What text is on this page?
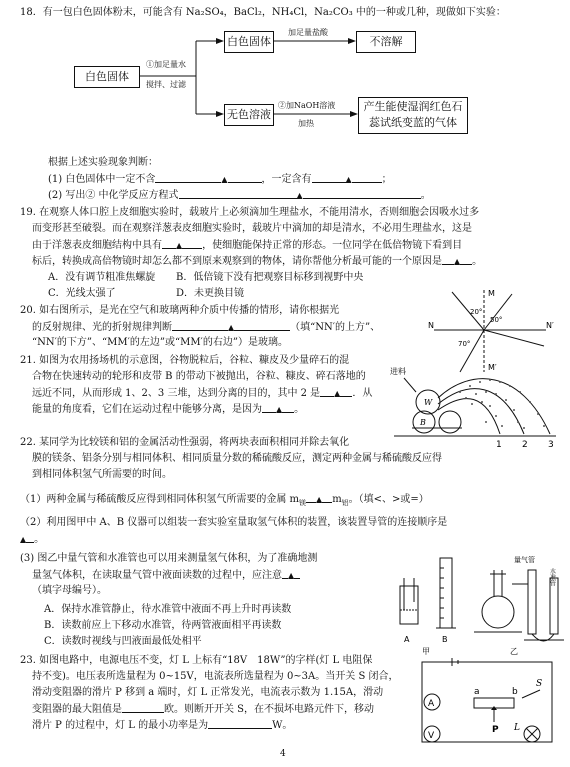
18．有一包白色固体粉末，可能含有 Na₂SO₄，BaCl₂，NH₄Cl，Na₂CO₃ 中的一种或几种，现做如下实验：
白色固体
①加足量水
搅拌、过滤
白色固体
加足量盐酸
不溶解
无色溶液
②加NaOH溶液
加热
产生能使湿润红色石
蕊试纸变蓝的气体
根据上述实验现象判断：
(1) 白色固体中一定不含	▲	，一定含有	▲	；
(2) 写出② 中化学反应方程式	▲	。
19. 在观察人体口腔上皮细胞实验时，载玻片上必须滴加生理盐水，不能用清水，否则细胞会因吸水过多
而变形甚至破裂。而在观察洋葱表皮细胞实验时，载玻片中滴加的却是清水，不必用生理盐水，这是
由于洋葱表皮细胞结构中具有 ▲ ，使细胞能保持正常的形态。一位同学在低倍物镜下看到目
标后，转换成高倍物镜时却怎么都不到原来观察到的物体，请你帮他分析最可能的一个原因是 ▲ 。
A．没有调节粗准焦螺旋 B．低倍镜下没有把观察目标移到视野中央
C．光线太强了	D．未更换目镜
20. 如右图所示，是光在空气和玻璃两种介质中传播的情形，请你根据光
的反射规律、光的折射规律判断	▲	（填“NN′的上方”、
“NN′的下方”、“MM′的左边”或“MM′的右边”）是玻璃。
M
M′
N	N′
20°
50°
70°
21. 如图为农用扬场机的示意图，谷物脱粒后，谷粒、糠皮及少量碎石的混
合物在快速转动的轮形和皮带 B 的带动下被抛出，谷粒、糠皮、碎石落地的
远近不同，从而形成 1、2、3 三堆，达到分离的目的，其中 2 是 ▲ ．从
能量的角度看，它们在运动过程中能够分离，是因为 ▲ 。
进料
W
B
1 2 3
22. 某同学为比较镁和铝的金属活动性强弱，将两块表面积相同并除去氧化
膜的镁条、铝条分别与相同体积、相同质量分数的稀硫酸反应，测定两种金属与稀硫酸反应得
到相同体积氢气所需要的时间。
（1）两种金属与稀硫酸反应得到相同体积氢气所需要的金属 $m_镁$ ▲ $m_铝$。（填<、>或=）
（2）利用图甲中 A、B 仪器可以组装一套实验室量取氢气体积的装置，该装置导管的连接顺序是
▲ 。
(3) 图乙中量气管和水准管也可以用来测量氢气体积，为了准确地测
量氢气体积，在读取量气管中液面读数的过程中，应注意 ▲
（填字母编号）。
A．保持水准管静止，待水准管中液面不再上升时再读数
B．读数前应上下移动水准管，待两管液面相平再读数
C．读数时视线与凹液面最低处相平	A	B
甲	乙
量气管
水准管
23. 如图电路中，电源电压不变，灯 L 上标有“18V　18W”的字样(灯 L 电阻保
持不变)。电压表所选量程为 0~15V，电流表所选量程为 0~3A。当开关 S 闭合，
滑动变阻器的滑片 P 移到 a 端时，灯 L 正常发光，电流表示数为 1.15A，滑动
变阻器的最大阻值是	欧。则断开开关 S，在不损坏电路元件下，移动
滑片 P 的过程中，灯 L 的最小功率是为	W。
A
V
a	b
P
S
L
4
